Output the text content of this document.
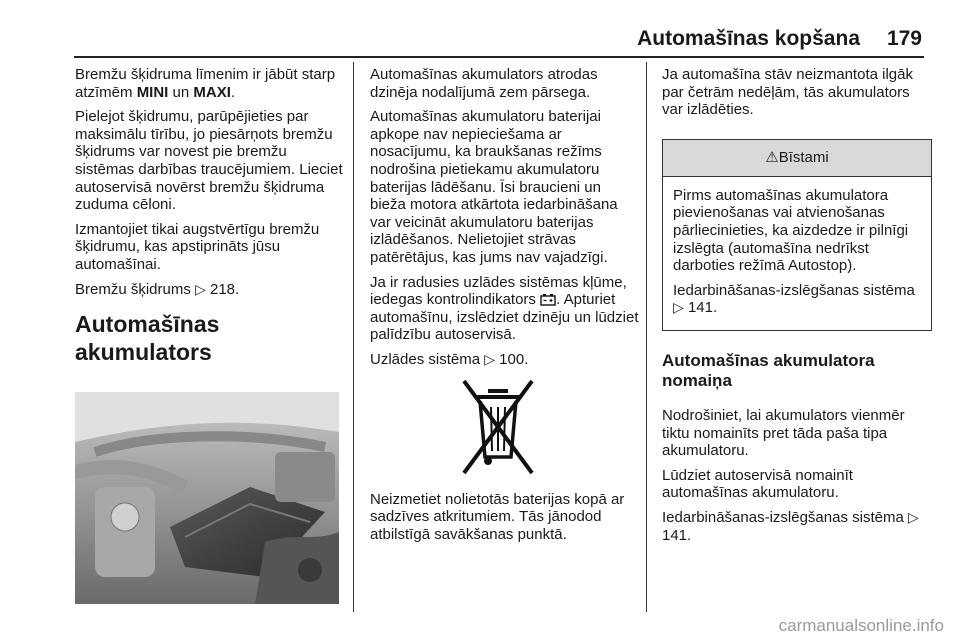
Automašīnas kopšana 179

Bremžu šķidruma līmenim ir jābūt starp atzīmēm MINI un MAXI.

Pielejot šķidrumu, parūpējieties par maksimālu tīrību, jo piesārņots bremžu šķidrums var novest pie bremžu sistēmas darbības traucējumiem. Lieciet autoservisā novērst bremžu šķidruma zuduma cēloni.

Izmantojiet tikai augstvērtīgu bremžu šķidrumu, kas apstiprināts jūsu automašīnai.

Bremžu šķidrums ▷ 218.

Automašīnas akumulators

Automašīnas akumulators atrodas dzinēja nodalījumā zem pārsega.

Automašīnas akumulatoru baterijai apkope nav nepieciešama ar nosacījumu, ka braukšanas režīms nodrošina pietiekamu akumulatoru baterijas lādēšanu. Īsi braucieni un bieža motora atkārtota iedarbināšana var veicināt akumulatoru baterijas izlādēšanos. Nelietojiet strāvas patērētājus, kas jums nav vajadzīgi.

Ja ir radusies uzlādes sistēmas kļūme, iedegas kontrolindikators . Apturiet automašīnu, izslēdziet dzinēju un lūdziet palīdzību autoservisā.

Uzlādes sistēma ▷ 100.

Neizmetiet nolietotās baterijas kopā ar sadzīves atkritumiem. Tās jānodod atbilstīgā savākšanas punktā.

Ja automašīna stāv neizmantota ilgāk par četrām nedēļām, tās akumulators var izlādēties.

⚠Bīstami

Pirms automašīnas akumulatora pievienošanas vai atvienošanas pārliecinieties, ka aizdedze ir pilnīgi izslēgta (automašīna nedrīkst darboties režīmā Autostop).

Iedarbināšanas-izslēgšanas sistēma ▷ 141.

Automašīnas akumulatora nomaiņa

Nodrošiniet, lai akumulators vienmēr tiktu nomainīts pret tāda paša tipa akumulatoru.

Lūdziet autoservisā nomainīt automašīnas akumulatoru.

Iedarbināšanas-izslēgšanas sistēma ▷ 141.

carmanualsonline.info
